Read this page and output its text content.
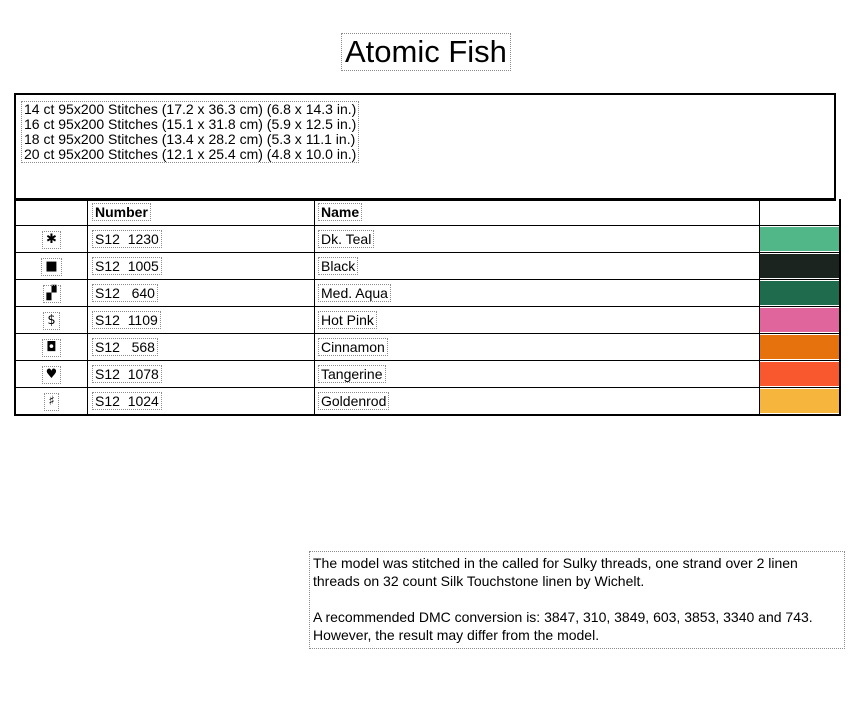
Atomic Fish
14 ct 95x200 Stitches (17.2 x 36.3 cm) (6.8 x 14.3 in.)
16 ct 95x200 Stitches (15.1 x 31.8 cm) (5.9 x 12.5 in.)
18 ct 95x200 Stitches (13.4 x 28.2 cm) (5.3 x 11.1 in.)
20 ct 95x200 Stitches (12.1 x 25.4 cm) (4.8 x 10.0 in.)
	Number	Name	
✱	S12  1230	Dk. Teal	

■	S12  1005	Black	

▞	S12   640	Med. Aqua	

$	S12  1109	Hot Pink	

◘	S12   568	Cinnamon	

♥	S12  1078	Tangerine	

♯	S12  1024	Goldenrod	

The model was stitched in the called for Sulky threads, one strand over 2 linen threads on 32 count Silk Touchstone linen by Wichelt.

A recommended DMC conversion is: 3847, 310, 3849, 603, 3853, 3340 and 743. However, the result may differ from the model.
